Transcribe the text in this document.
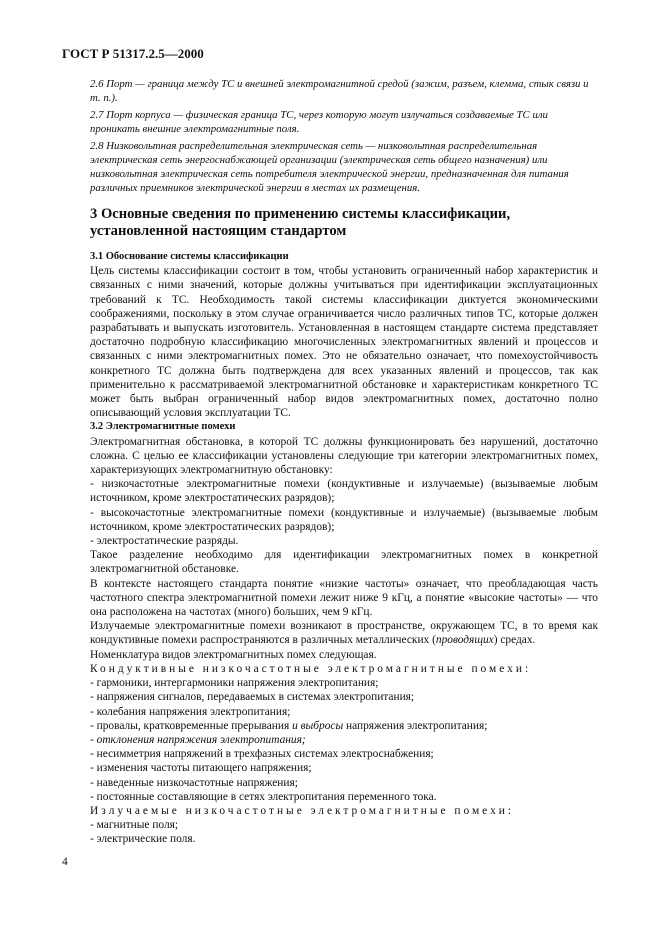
ГОСТ Р 51317.2.5—2000

2.6 Порт — граница между ТС и внешней электромагнитной средой (зажим, разъем, клемма, стык связи и т. п.).

2.7 Порт корпуса — физическая граница ТС, через которую могут излучаться создаваемые ТС или проникать внешние электромагнитные поля.

2.8 Низковольтная распределительная электрическая сеть — низковольтная распределительная электрическая сеть энергоснабжающей организации (электрическая сеть общего назначения) или низковольтная электрическая сеть потребителя электрической энергии, предназначенная для питания различных приемников электрической энергии в местах их размещения.

3 Основные сведения по применению системы классификации, установленной настоящим стандартом

3.1 Обоснование системы классификации

Цель системы классификации состоит в том, чтобы установить ограниченный набор характеристик и связанных с ними значений, которые должны учитываться при идентификации эксплуатационных требований к ТС. Необходимость такой системы классификации диктуется экономическими соображениями, поскольку в этом случае ограничивается число различных типов ТС, которые должен разрабатывать и выпускать изготовитель. Установленная в настоящем стандарте система представляет достаточно подробную классификацию многочисленных электромагнитных явлений и процессов и связанных с ними электромагнитных помех. Это не обязательно означает, что помехоустойчивость конкретного ТС должна быть подтверждена для всех указанных явлений и процессов, так как применительно к рассматриваемой электромагнитной обстановке и характеристикам конкретного ТС может быть выбран ограниченный набор видов электромагнитных помех, достаточно полно описывающий условия эксплуатации ТС.

3.2 Электромагнитные помехи

Электромагнитная обстановка, в которой ТС должны функционировать без нарушений, достаточно сложна. С целью ее классификации установлены следующие три категории электромагнитных помех, характеризующих электромагнитную обстановку:

- низкочастотные электромагнитные помехи (кондуктивные и излучаемые) (вызываемые любым источником, кроме электростатических разрядов);

- высокочастотные электромагнитные помехи (кондуктивные и излучаемые) (вызываемые любым источником, кроме электростатических разрядов);

- электростатические разряды.

Такое разделение необходимо для идентификации электромагнитных помех в конкретной электромагнитной обстановке.

В контексте настоящего стандарта понятие «низкие частоты» означает, что преобладающая часть частотного спектра электромагнитной помехи лежит ниже 9 кГц, а понятие «высокие частоты» — что она расположена на частотах (много) больших, чем 9 кГц.

Излучаемые электромагнитные помехи возникают в пространстве, окружающем ТС, в то время как кондуктивные помехи распространяются в различных металлических (проводящих) средах.

Номенклатура видов электромагнитных помех следующая.

Кондуктивные низкочастотные электромагнитные помехи:

- гармоники, интергармоники напряжения электропитания;

- напряжения сигналов, передаваемых в системах электропитания;

- колебания напряжения электропитания;

- провалы, кратковременные прерывания и выбросы напряжения электропитания;

- отклонения напряжения электропитания;

- несимметрия напряжений в трехфазных системах электроснабжения;

- изменения частоты питающего напряжения;

- наведенные низкочастотные напряжения;

- постоянные составляющие в сетях электропитания переменного тока.

Излучаемые низкочастотные электромагнитные помехи:

- магнитные поля;

- электрические поля.

4
